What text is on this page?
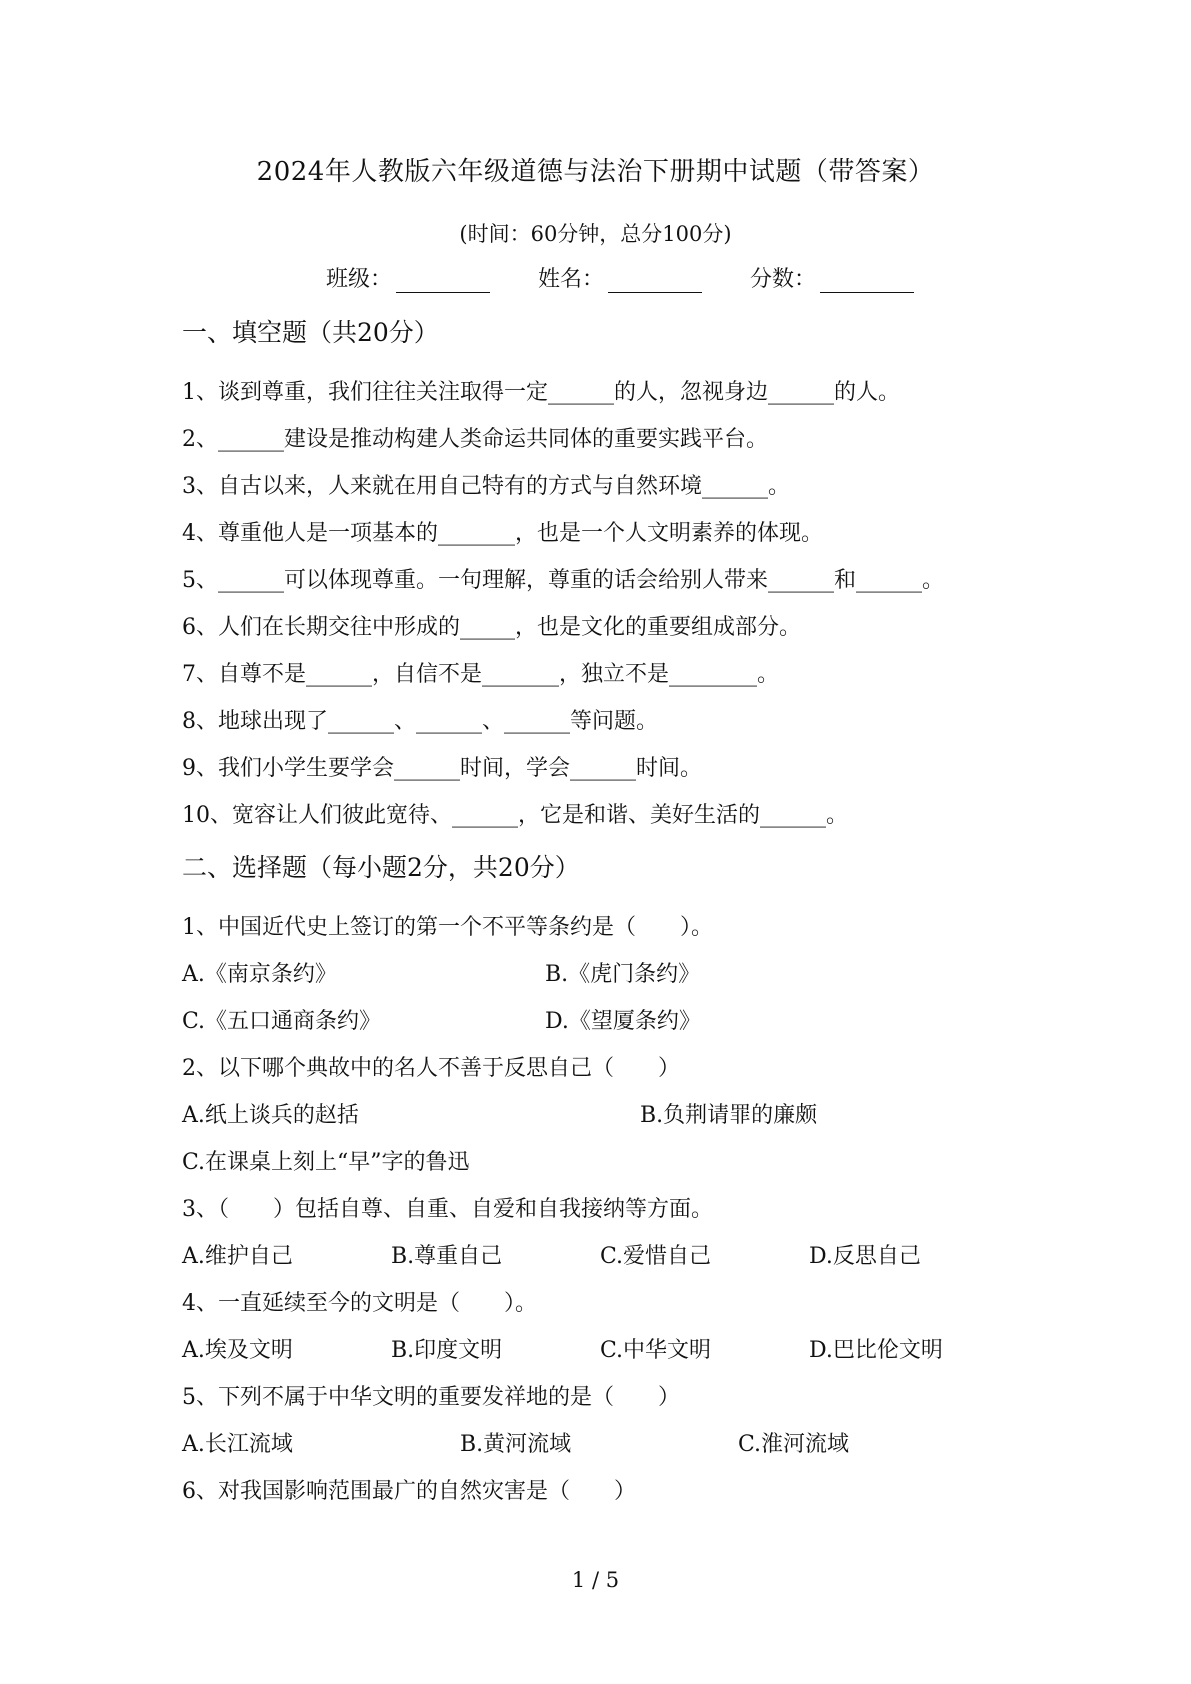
2024年人教版六年级道德与法治下册期中试题（带答案）
(时间：60分钟，总分100分)
班级：	姓名：	分数：
一、填空题（共20分）
1、谈到尊重，我们往往关注取得一定______的人，忽视身边______的人。
2、______建设是推动构建人类命运共同体的重要实践平台。
3、自古以来，人来就在用自己特有的方式与自然环境______。
4、尊重他人是一项基本的_______，也是一个人文明素养的体现。
5、______可以体现尊重。一句理解，尊重的话会给别人带来______和______。
6、人们在长期交往中形成的_____，也是文化的重要组成部分。
7、自尊不是______，自信不是_______，独立不是________。
8、地球出现了______、______、______等问题。
9、我们小学生要学会______时间，学会______时间。
10、宽容让人们彼此宽待、______，它是和谐、美好生活的______。
二、选择题（每小题2分，共20分）
1、中国近代史上签订的第一个不平等条约是（　　）。
A.《南京条约》	B.《虎门条约》
C.《五口通商条约》	D.《望厦条约》
2、以下哪个典故中的名人不善于反思自己（　　）
A.纸上谈兵的赵括	B.负荆请罪的廉颇
C.在课桌上刻上“早”字的鲁迅
3、（　　）包括自尊、自重、自爱和自我接纳等方面。
A.维护自己	B.尊重自己	C.爱惜自己	D.反思自己
4、一直延续至今的文明是（　　）。
A.埃及文明	B.印度文明	C.中华文明	D.巴比伦文明
5、下列不属于中华文明的重要发祥地的是（　　）
A.长江流域	B.黄河流域	C.淮河流域
6、对我国影响范围最广的自然灾害是（　　）
1 / 5
